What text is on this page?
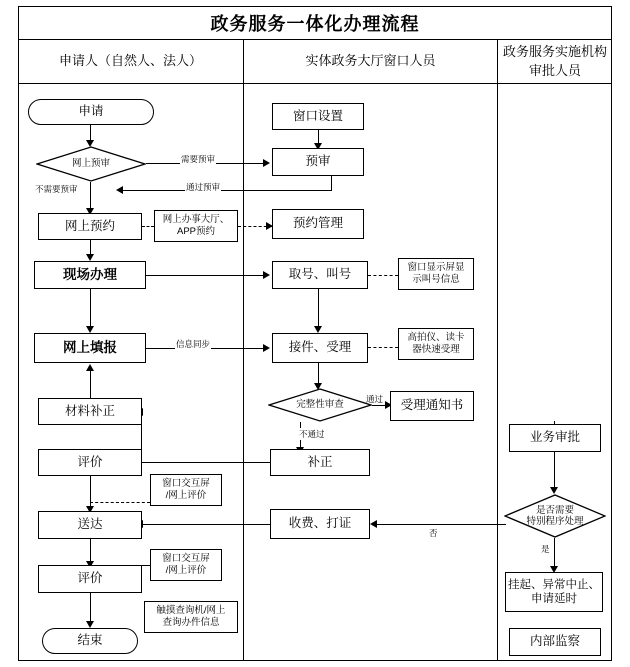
政务服务一体化办理流程
申请人（自然人、法人）	实体政务大厅窗口人员
政务服务实施机构
审批人员
申请
网上预审	需要预审
不需要预审	通过预审
网上预约	网上办事大厅、
APP预约
现场办理
网上填报	信息同步
材料补正
评价
窗口交互屏
/网上评价
送达
评价
窗口交互屏
/网上评价
触摸查询机/网上
查询办件信息
结束
窗口设置
预审
预约管理
取号、叫号	窗口显示屏显
示叫号信息
接件、受理
高拍仪、读卡
器快速受理
完整性审查
通过	受理通知书
不通过
补正
收费、打证
业务审批
是否需要
特别程序处理
否
是
挂起、异常中止、
申请延时
内部监察
